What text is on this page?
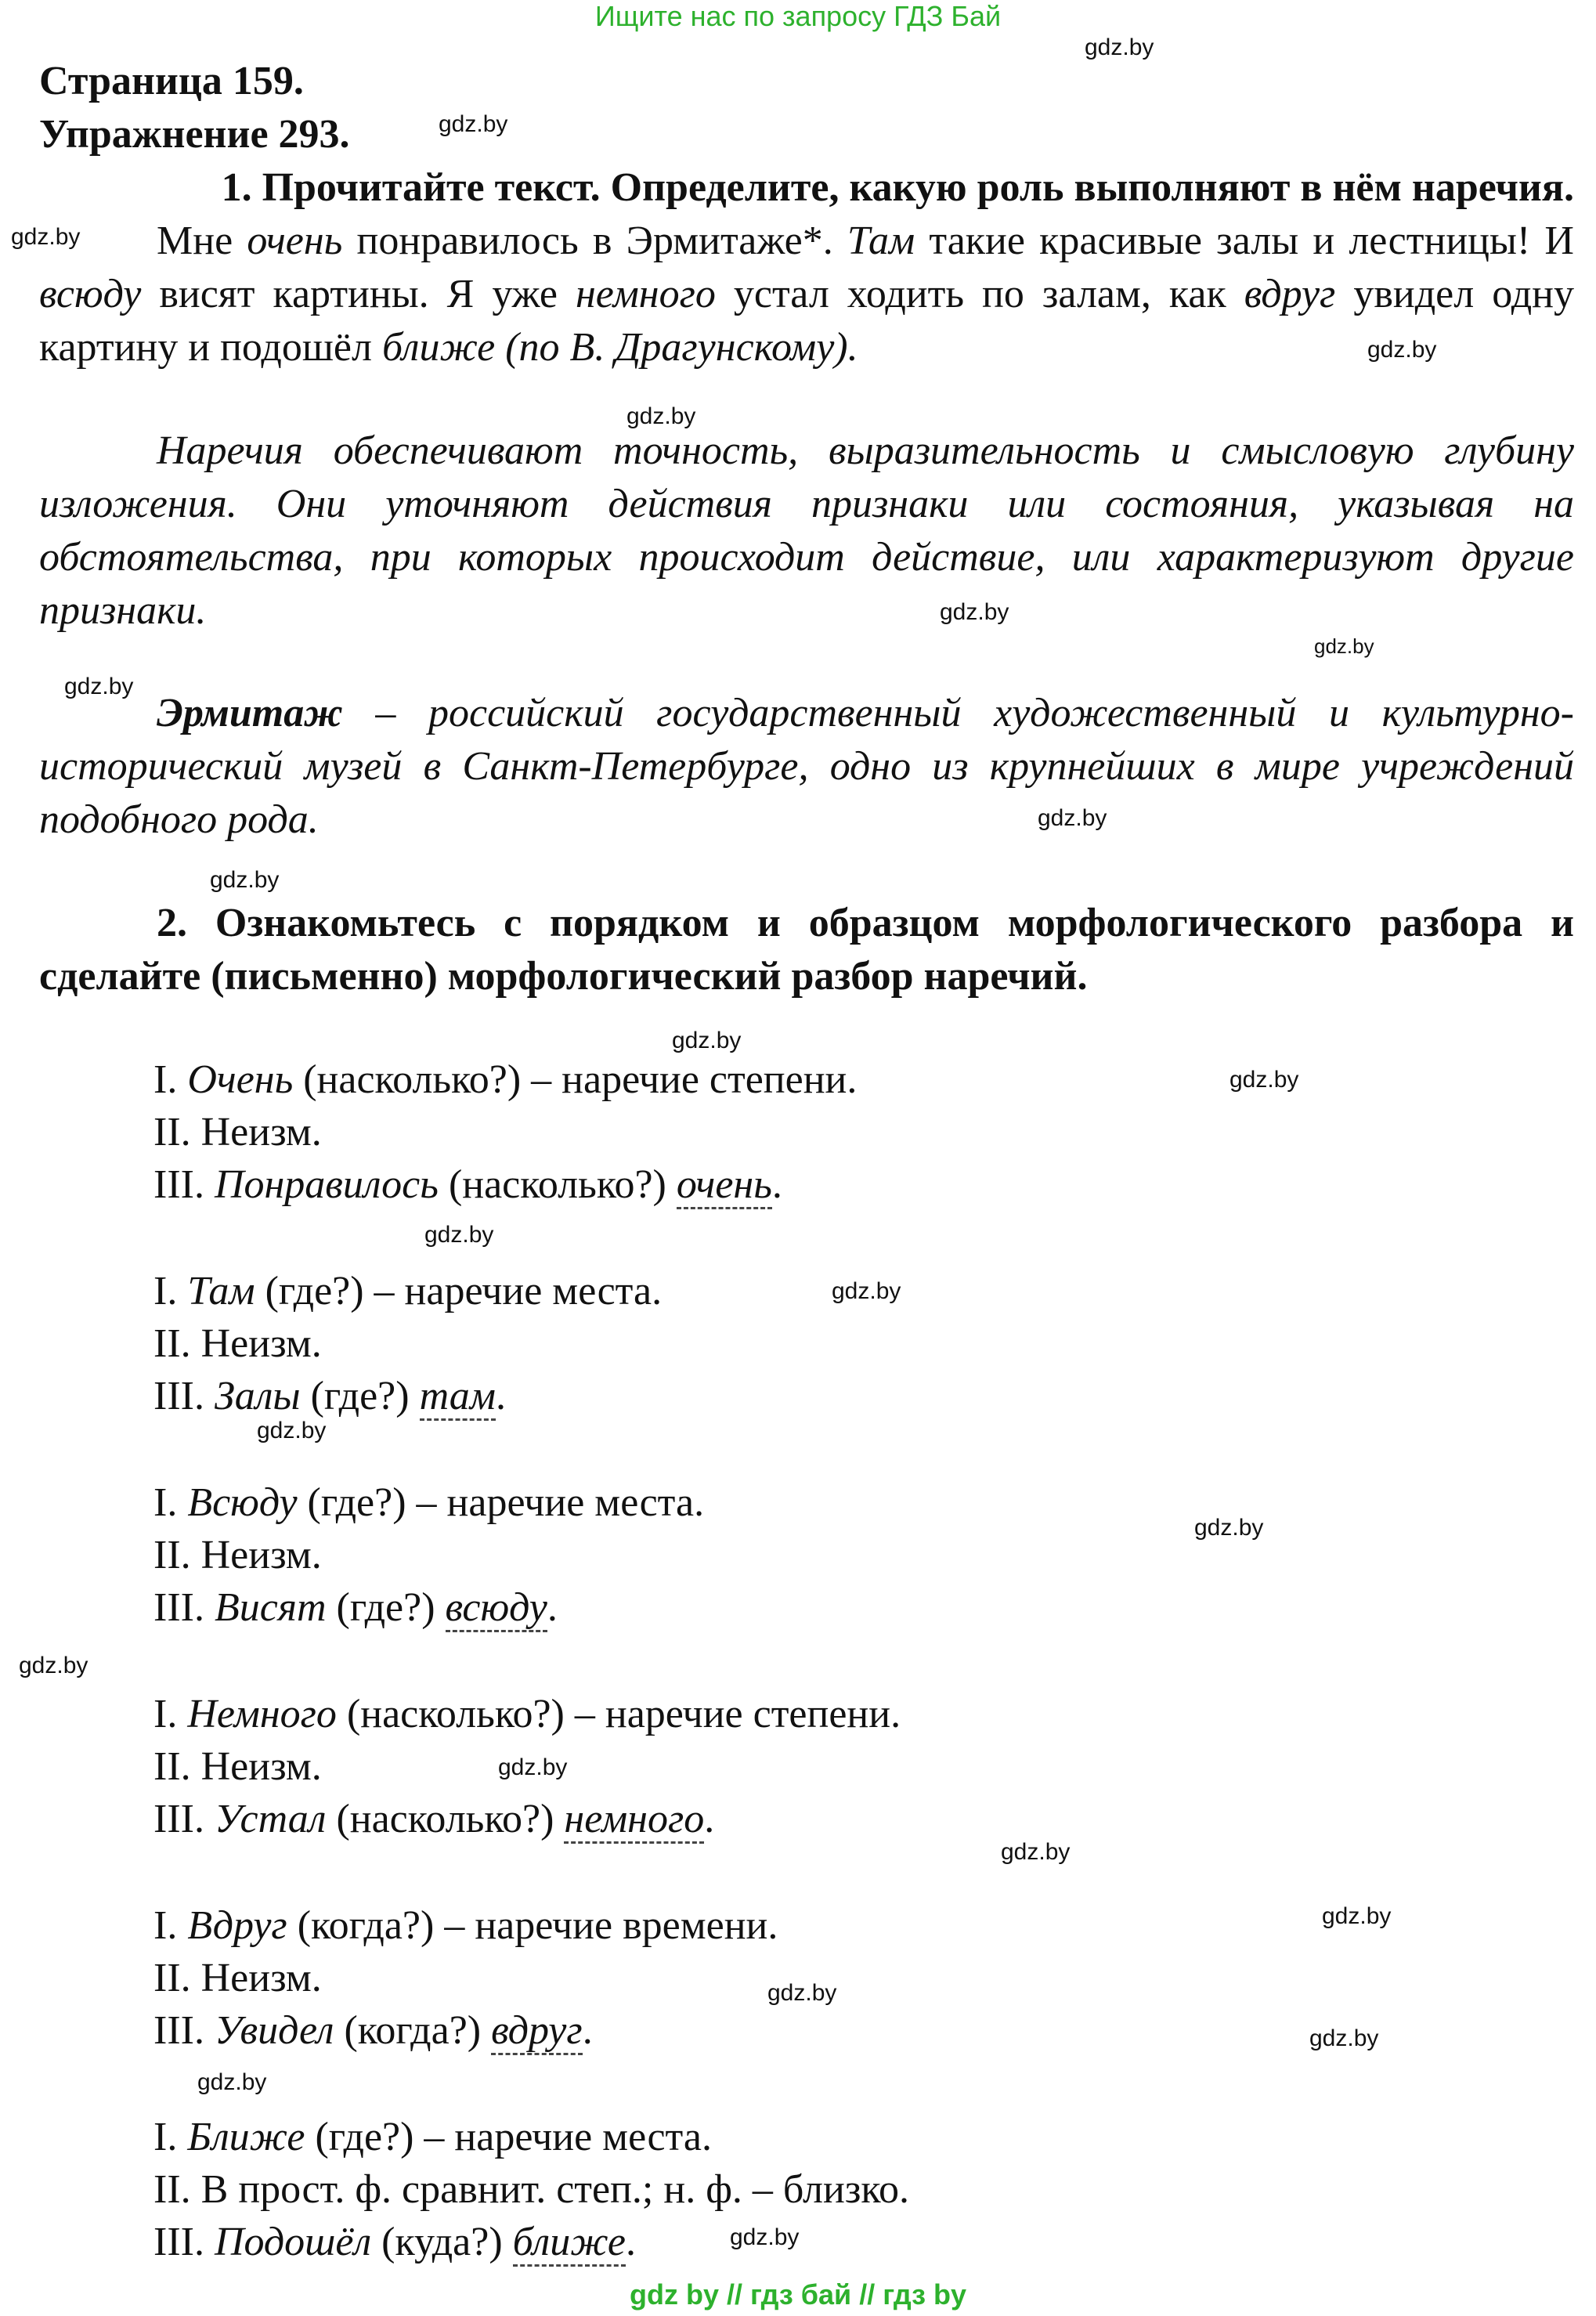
Ищите нас по запросу ГДЗ Бай
gdz.by
gdz.by
gdz.by
gdz.by
gdz.by
gdz.by
gdz.by
gdz.by
gdz.by
gdz.by
gdz.by
gdz.by
gdz.by
gdz.by
gdz.by
gdz.by
gdz.by
gdz.by
gdz.by
gdz.by
gdz.by
gdz.by
gdz.by
gdz.by
Страница 159.
Упражнение 293.
1. Прочитайте текст. Определите, какую роль выполняют в нём наречия.
Мне очень понравилось в Эрмитаже*. Там такие красивые залы и лестницы! И всюду висят картины. Я уже немного устал ходить по залам, как вдруг увидел одну картину и подошёл ближе (по В. Драгунскому).
Наречия обеспечивают точность, выразительность и смысловую глубину изложения. Они уточняют действия признаки или состояния, указывая на обстоятельства, при которых происходит действие, или характеризуют другие признаки.
Эрмитаж – российский государственный художественный и культурно-исторический музей в Санкт-Петербурге, одно из крупнейших в мире учреждений подобного рода.
2. Ознакомьтесь с порядком и образцом морфологического разбора и сделайте (письменно) морфологический разбор наречий.
I. Очень (насколько?) – наречие степени.
II. Неизм.
III. Понравилось (насколько?) очень.
I. Там (где?) – наречие места.
II. Неизм.
III. Залы (где?) там.
I. Всюду (где?) – наречие места.
II. Неизм.
III. Висят (где?) всюду.
I. Немного (насколько?) – наречие степени.
II. Неизм.
III. Устал (насколько?) немного.
I. Вдруг (когда?) – наречие времени.
II. Неизм.
III. Увидел (когда?) вдруг.
I. Ближе (где?) – наречие места.
II. В прост. ф. сравнит. степ.; н. ф. – близко.
III. Подошёл (куда?) ближе.
gdz by // гдз бай // гдз by
